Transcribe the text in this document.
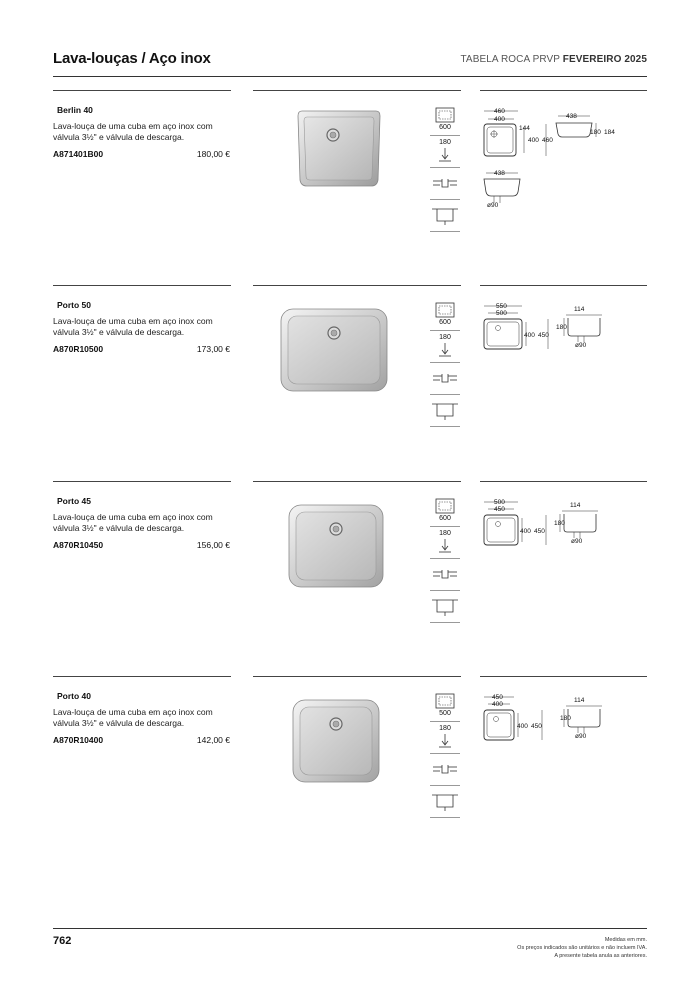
Lava-louças / Aço inox	TABELA ROCA PRVP FEVEREIRO 2025
Berlin 40
Lava-louça de uma cuba em aço inox com válvula 3½" e válvula de descarga.
A871401B00	180,00 €
600
180
460
400
144
400 460
438
180 184
438
ø90
Porto 50
Lava-louça de uma cuba em aço inox com válvula 3½" e válvula de descarga.
A870R10500	173,00 €
600
180
550
500
400 450
114
180
ø90
Porto 45
Lava-louça de uma cuba em aço inox com válvula 3½" e válvula de descarga.
A870R10450	156,00 €
600
180
500
450
400 450
114
180
ø90
Porto 40
Lava-louça de uma cuba em aço inox com válvula 3½" e válvula de descarga.
A870R10400	142,00 €
500
180
450
400
400 450
114
180
ø90
762	Medidas em mm.
Os preços indicados são unitários e não incluem IVA.
A presente tabela anula as anteriores.
